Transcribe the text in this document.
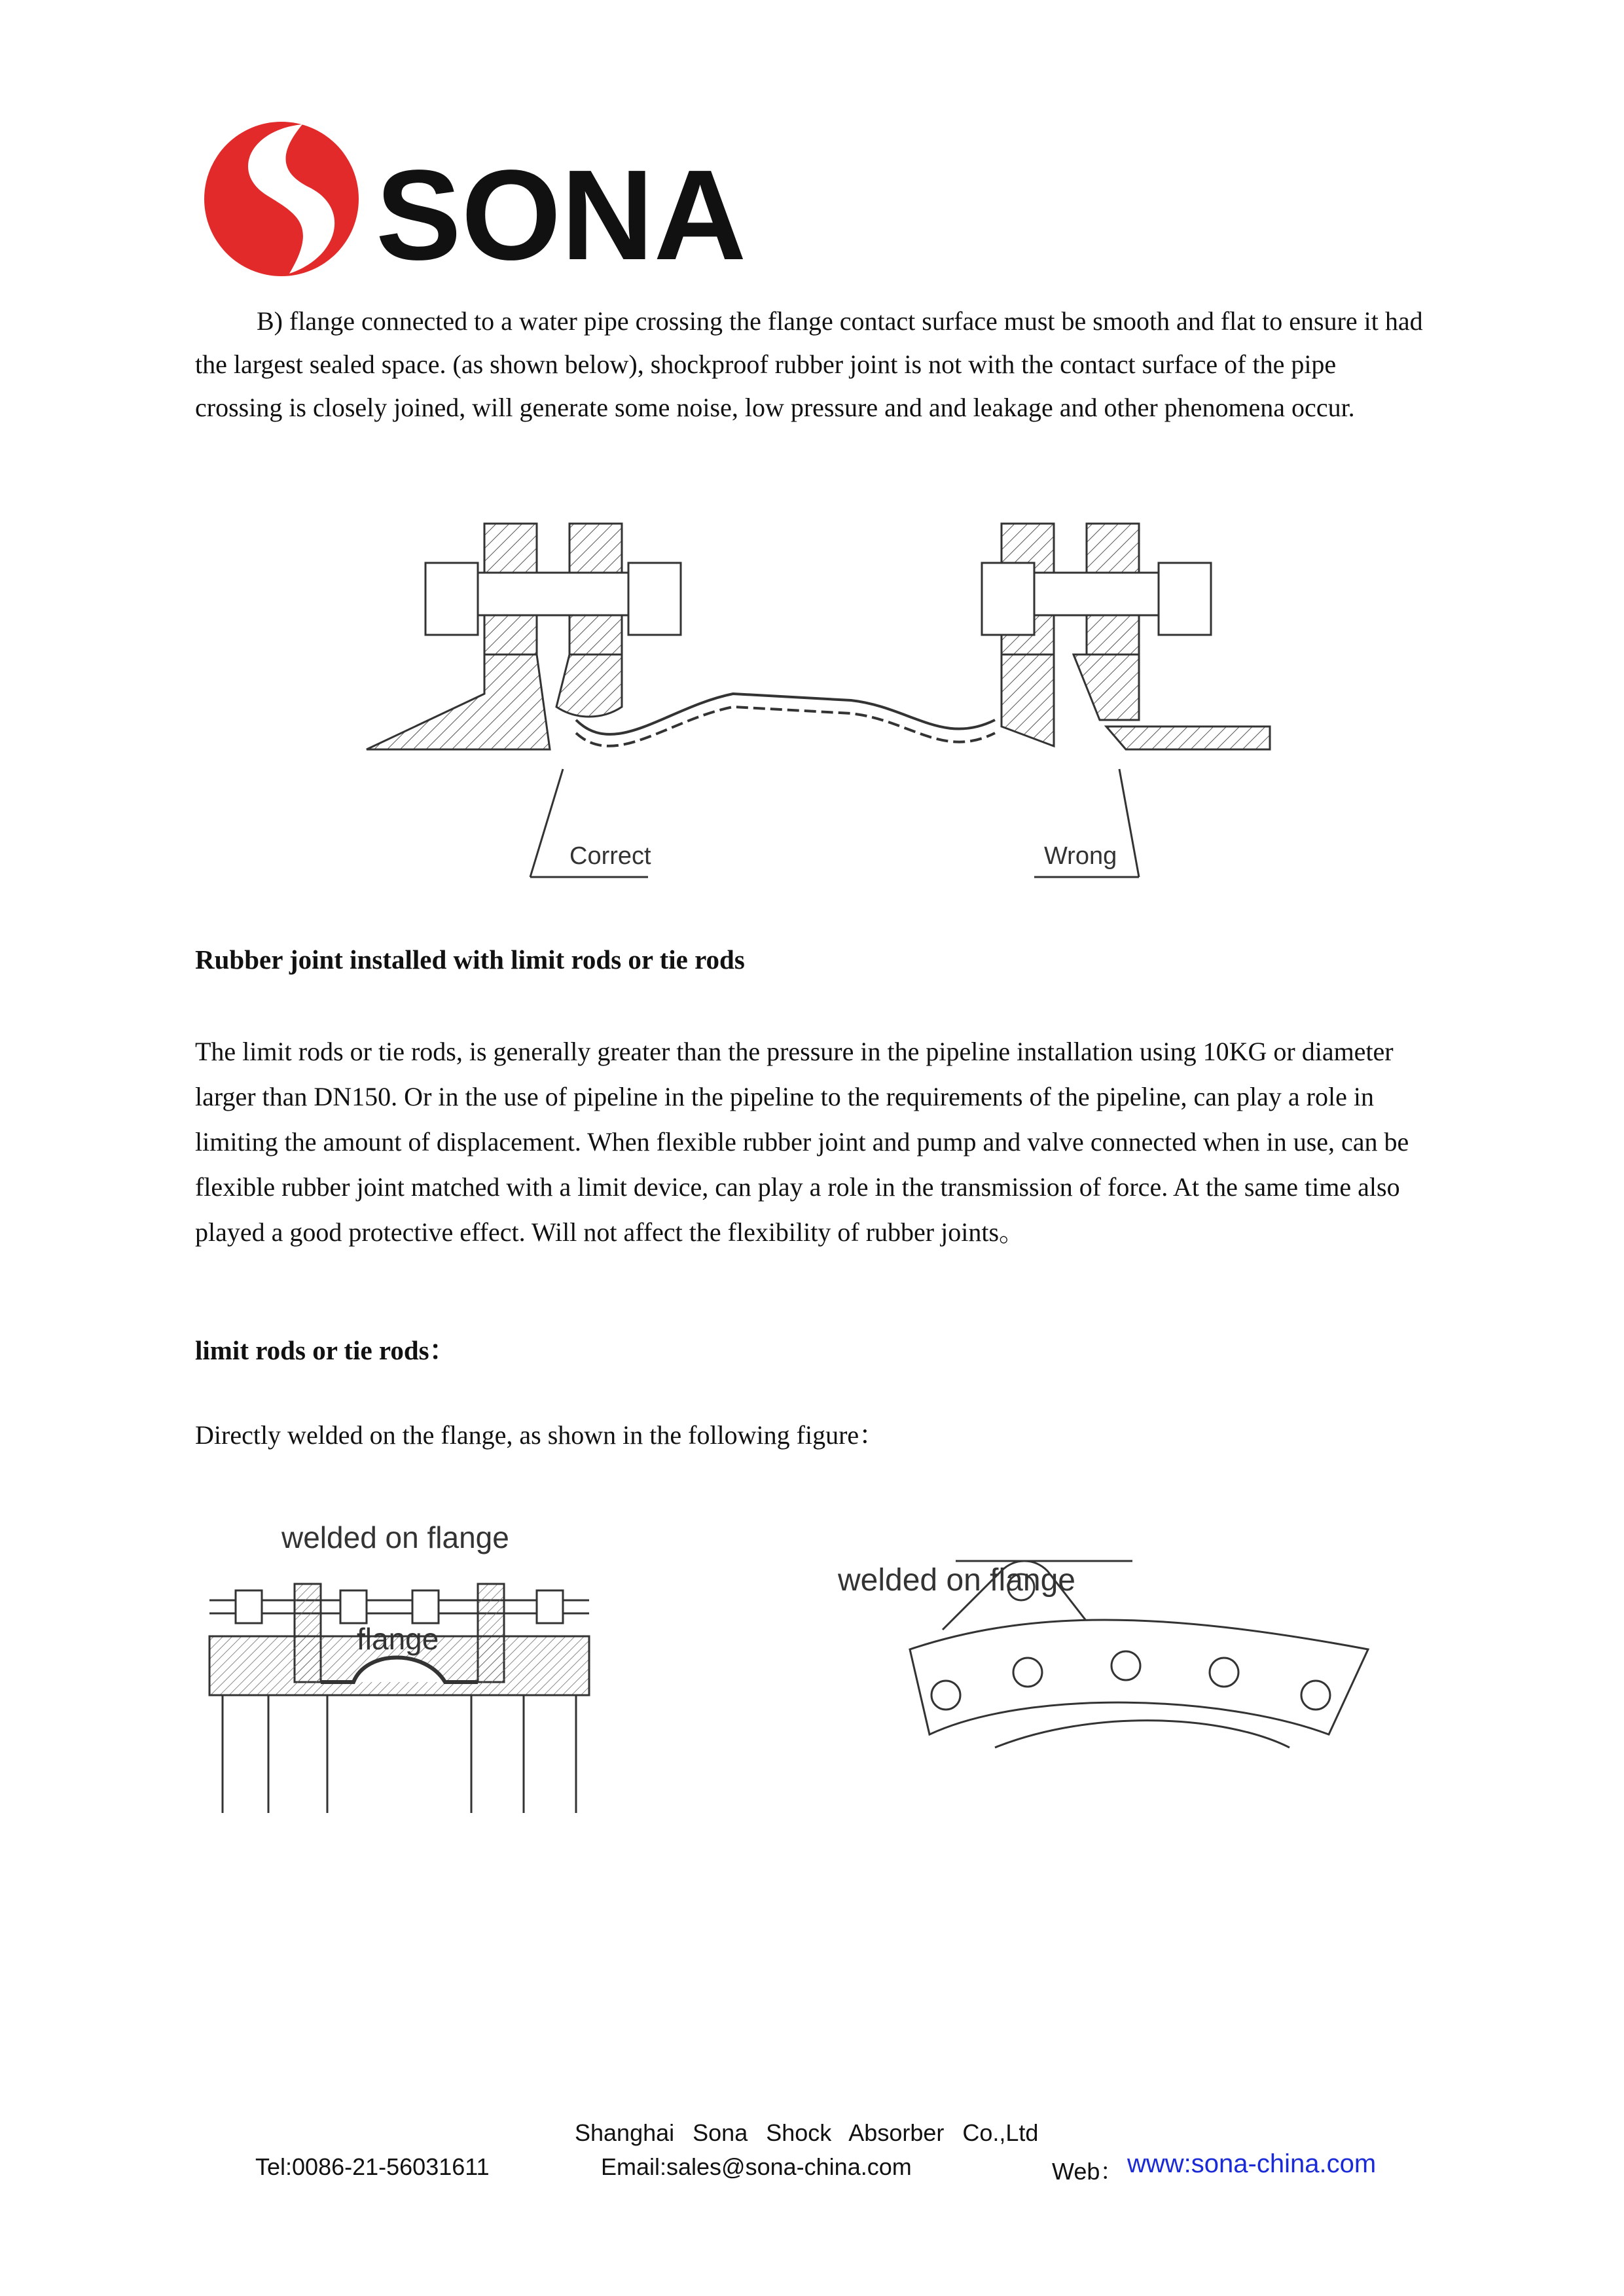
SONA

B) flange connected to a water pipe crossing the flange contact surface must be smooth and flat to ensure it had the largest sealed space. (as shown below), shockproof rubber joint is not with the contact surface of the pipe crossing is closely joined, will generate some noise, low pressure and and leakage and other phenomena occur.

Correct	Wrong
Rubber joint installed with limit rods or tie rods

The limit rods or tie rods, is generally greater than the pressure in the pipeline installation using 10KG or diameter larger than DN150. Or in the use of pipeline in the pipeline to the requirements of the pipeline, can play a role in limiting the amount of displacement. When flexible rubber joint and pump and valve connected when in use, can be flexible rubber joint matched with a limit device, can play a role in the transmission of force. At the same time also played a good protective effect. Will not affect the flexibility of rubber joints。

limit rods or tie rods：

Directly welded on the flange, as shown in the following figure：

welded on flange
flange
welded on flange
Shanghai Sona Shock Absorber Co.,Ltd
Tel:0086-21-56031611	Email:sales@sona-china.com	Web： www:sona-china.com
